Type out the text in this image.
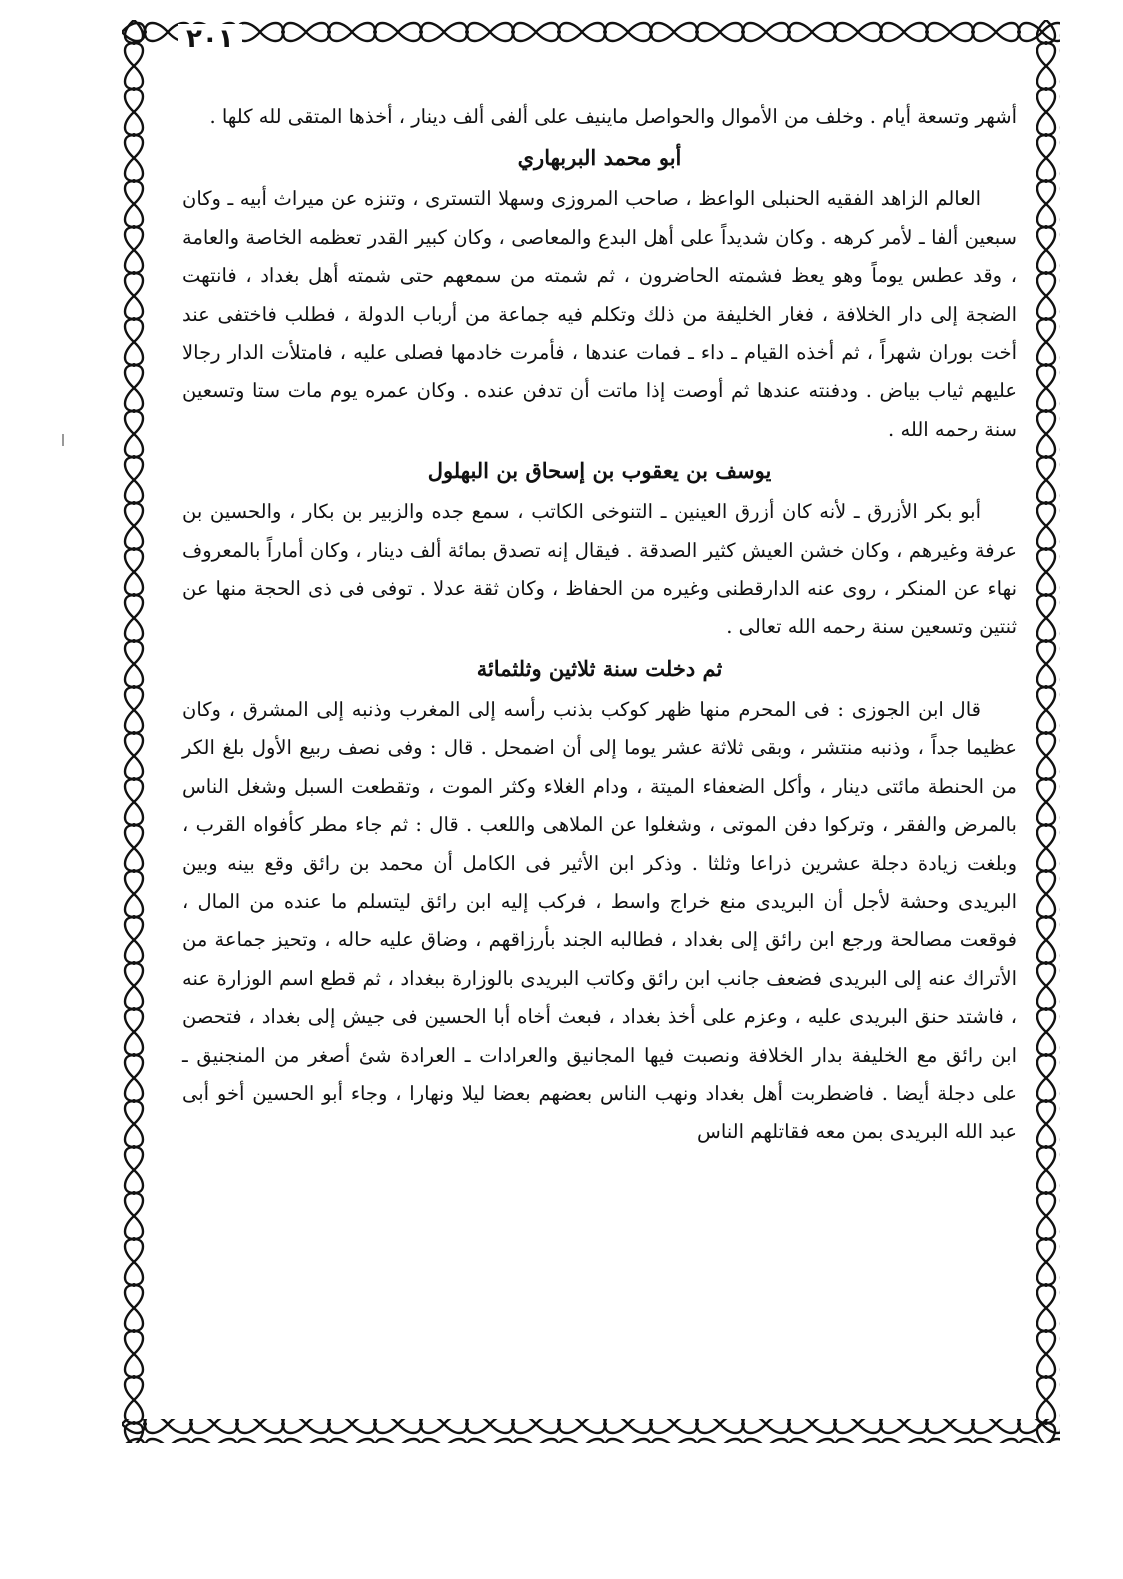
٢٠١

أشهر وتسعة أيام . وخلف من الأموال والحواصل ماينيف على ألفى ألف دينار ، أخذها المتقى لله كلها .

أبو محمد البربهاري

العالم الزاهد الفقيه الحنبلى الواعظ ، صاحب المروزى وسهلا التسترى ، وتنزه عن ميراث أبيه ـ وكان سبعين ألفا ـ لأمر كرهه . وكان شديداً على أهل البدع والمعاصى ، وكان كبير القدر تعظمه الخاصة والعامة ، وقد عطس يوماً وهو يعظ فشمته الحاضرون ، ثم شمته من سمعهم حتى شمته أهل بغداد ، فانتهت الضجة إلى دار الخلافة ، فغار الخليفة من ذلك وتكلم فيه جماعة من أرباب الدولة ، فطلب فاختفى عند أخت بوران شهراً ، ثم أخذه القيام ـ داء ـ فمات عندها ، فأمرت خادمها فصلى عليه ، فامتلأت الدار رجالا عليهم ثياب بياض . ودفنته عندها ثم أوصت إذا ماتت أن تدفن عنده . وكان عمره يوم مات ستا وتسعين سنة رحمه الله .

يوسف بن يعقوب بن إسحاق بن البهلول

أبو بكر الأزرق ـ لأنه كان أزرق العينين ـ التنوخى الكاتب ، سمع جده والزبير بن بكار ، والحسين بن عرفة وغيرهم ، وكان خشن العيش كثير الصدقة . فيقال إنه تصدق بمائة ألف دينار ، وكان أماراً بالمعروف نهاء عن المنكر ، روى عنه الدارقطنى وغيره من الحفاظ ، وكان ثقة عدلا . توفى فى ذى الحجة منها عن ثنتين وتسعين سنة رحمه الله تعالى .

ثم دخلت سنة ثلاثين وثلثمائة

قال ابن الجوزى : فى المحرم منها ظهر كوكب بذنب رأسه إلى المغرب وذنبه إلى المشرق ، وكان عظيما جداً ، وذنبه منتشر ، وبقى ثلاثة عشر يوما إلى أن اضمحل . قال : وفى نصف ربيع الأول بلغ الكر من الحنطة مائتى دينار ، وأكل الضعفاء الميتة ، ودام الغلاء وكثر الموت ، وتقطعت السبل وشغل الناس بالمرض والفقر ، وتركوا دفن الموتى ، وشغلوا عن الملاهى واللعب . قال : ثم جاء مطر كأفواه القرب ، وبلغت زيادة دجلة عشرين ذراعا وثلثا . وذكر ابن الأثير فى الكامل أن محمد بن رائق وقع بينه وبين البريدى وحشة لأجل أن البريدى منع خراج واسط ، فركب إليه ابن رائق ليتسلم ما عنده من المال ، فوقعت مصالحة ورجع ابن رائق إلى بغداد ، فطالبه الجند بأرزاقهم ، وضاق عليه حاله ، وتحيز جماعة من الأتراك عنه إلى البريدى فضعف جانب ابن رائق وكاتب البريدى بالوزارة ببغداد ، ثم قطع اسم الوزارة عنه ، فاشتد حنق البريدى عليه ، وعزم على أخذ بغداد ، فبعث أخاه أبا الحسين فى جيش إلى بغداد ، فتحصن ابن رائق مع الخليفة بدار الخلافة ونصبت فيها المجانيق والعرادات ـ العرادة شئ أصغر من المنجنيق ـ على دجلة أيضا . فاضطربت أهل بغداد ونهب الناس بعضهم بعضا ليلا ونهارا ، وجاء أبو الحسين أخو أبى عبد الله البريدى بمن معه فقاتلهم الناس
